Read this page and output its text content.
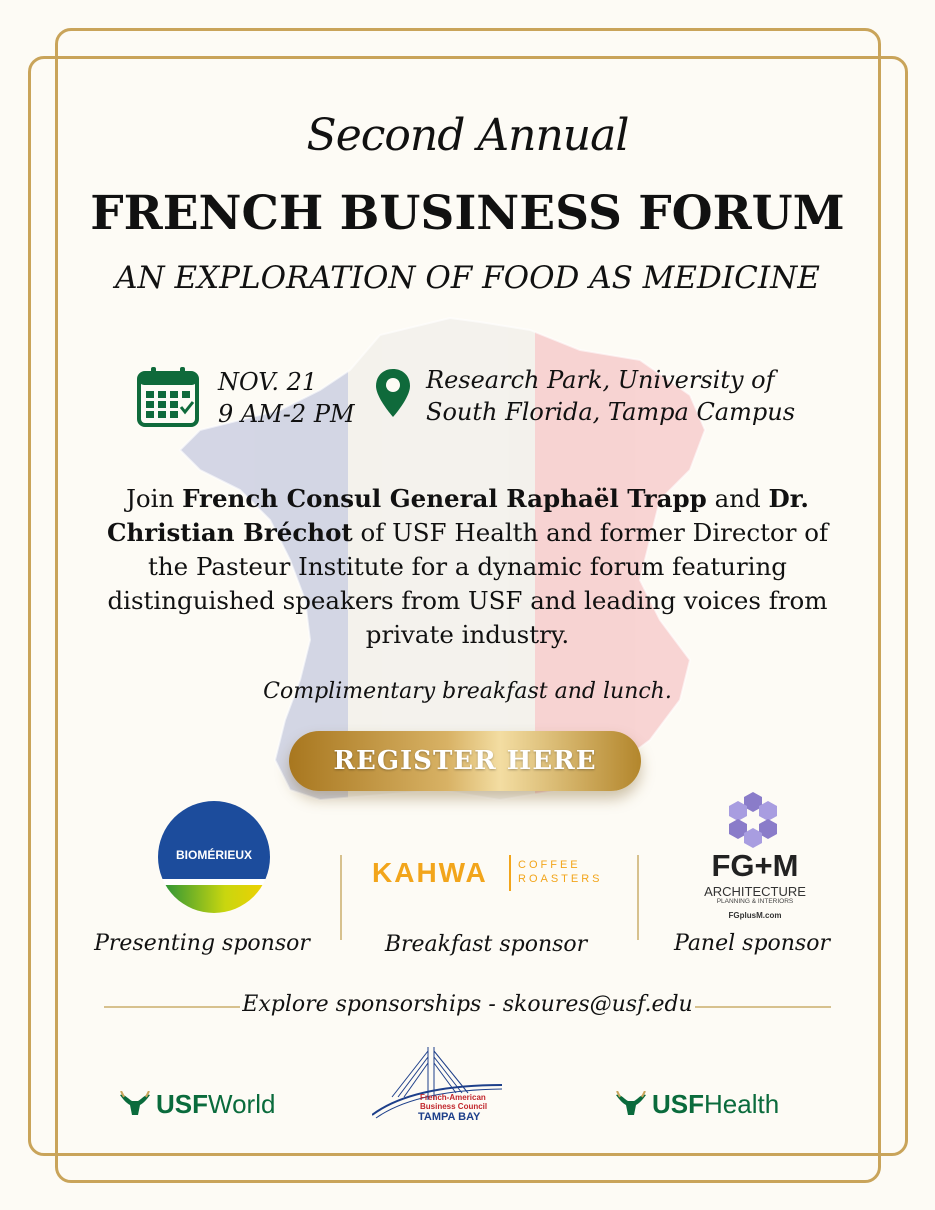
Second Annual
FRENCH BUSINESS FORUM
AN EXPLORATION OF FOOD AS MEDICINE
NOV. 21
9 AM-2 PM
Research Park, University of
South Florida, Tampa Campus
Join French Consul General Raphaël Trapp and Dr. Christian Bréchot of USF Health and former Director of the Pasteur Institute for a dynamic forum featuring distinguished speakers from USF and leading voices from private industry.
Complimentary breakfast and lunch.
REGISTER HERE
BIOMÉRIEUX
Presenting sponsor
KAHWA	COFFEE
ROASTERS
Breakfast sponsor
FG+M
ARCHITECTURE
PLANNING & INTERIORS
FGplusM.com
Panel sponsor
Explore sponsorships - skoures@usf.edu
USFWorld	French-American
Business Council
TAMPA BAY	USFHealth
